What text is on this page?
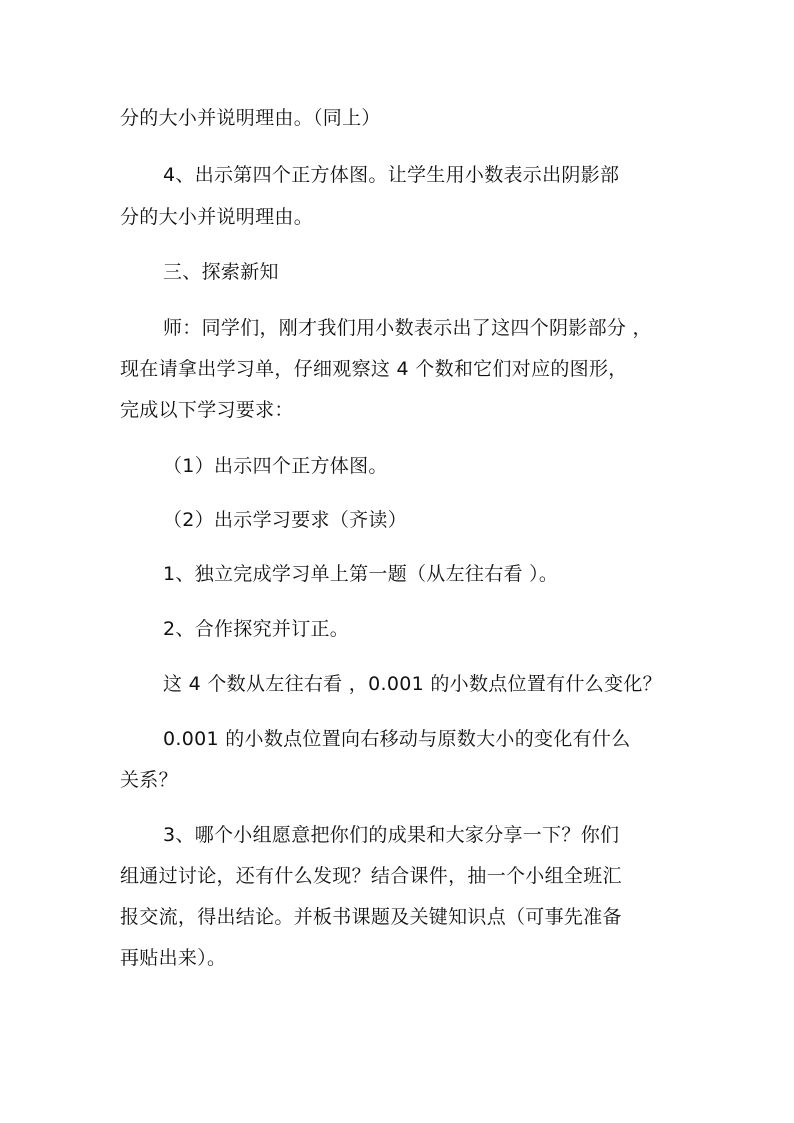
分的大小并说明理由。（同上）
4、出示第四个正方体图。让学生用小数表示出阴影部
分的大小并说明理由。
三、探索新知
师：同学们，刚才我们用小数表示出了这四个阴影部分 ，
现在请拿出学习单，仔细观察这 4 个数和它们对应的图形，
完成以下学习要求：
（1）出示四个正方体图。
（2）出示学习要求（齐读）
1、独立完成学习单上第一题（从左往右看 ）。
2、合作探究并订正。
这 4 个数从左往右看 ，0.001 的小数点位置有什么变化？
0.001 的小数点位置向右移动与原数大小的变化有什么
关系？
3、哪个小组愿意把你们的成果和大家分享一下？你们
组通过讨论，还有什么发现？结合课件，抽一个小组全班汇
报交流，得出结论。并板书课题及关键知识点（可事先准备
再贴出来）。
